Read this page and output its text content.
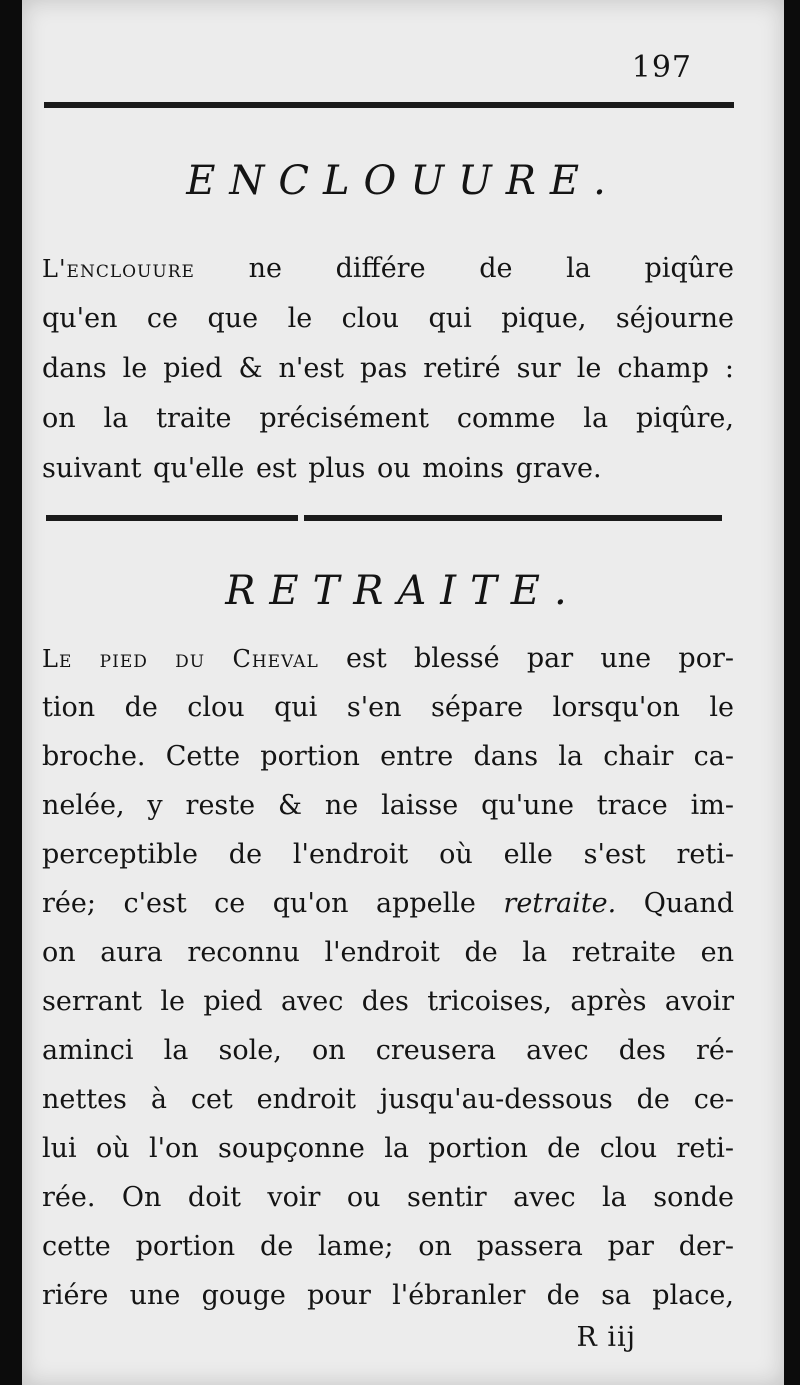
197
ENCLOUURE.
L'enclouure ne différe de la piqûre
qu'en ce que le clou qui pique, séjourne
dans le pied & n'est pas retiré sur le champ :
on la traite précisément comme la piqûre,
suivant qu'elle est plus ou moins grave.
RETRAITE.
Le pied du Cheval est blessé par une por-
tion de clou qui s'en sépare lorsqu'on le
broche. Cette portion entre dans la chair ca-
nelée, y reste & ne laisse qu'une trace im-
perceptible de l'endroit où elle s'est reti-
rée; c'est ce qu'on appelle retraite. Quand
on aura reconnu l'endroit de la retraite en
serrant le pied avec des tricoises, après avoir
aminci la sole, on creusera avec des ré-
nettes à cet endroit jusqu'au-dessous de ce-
lui où l'on soupçonne la portion de clou reti-
rée. On doit voir ou sentir avec la sonde
cette portion de lame; on passera par der-
riére une gouge pour l'ébranler de sa place,
R iij
